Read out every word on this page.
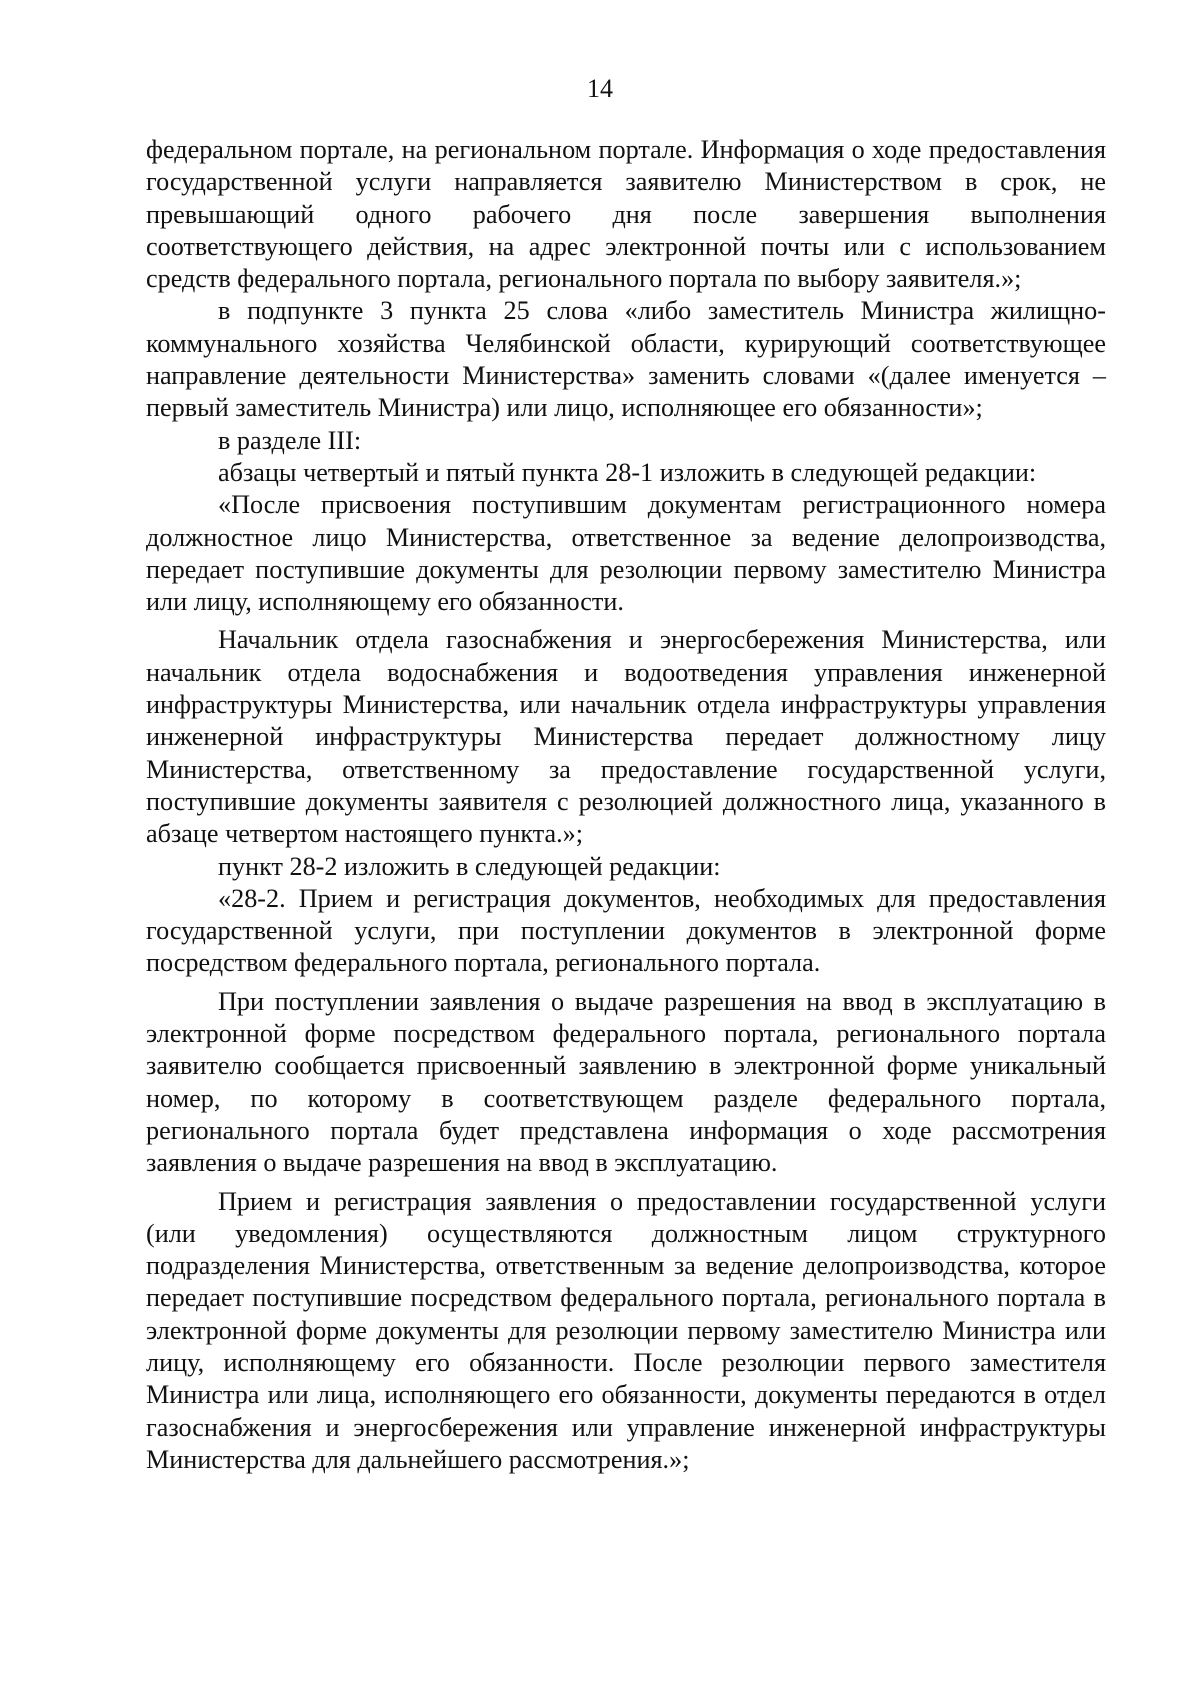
14

федеральном портале, на региональном портале. Информация о ходе предоставления государственной услуги направляется заявителю Министерством в срок, не превышающий одного рабочего дня после завершения выполнения соответствующего действия, на адрес электронной почты или с использованием средств федерального портала, регионального портала по выбору заявителя.»;

в подпункте 3 пункта 25 слова «либо заместитель Министра жилищно-коммунального хозяйства Челябинской области, курирующий соответствующее направление деятельности Министерства» заменить словами «(далее именуется – первый заместитель Министра) или лицо, исполняющее его обязанности»;

в разделе III:

абзацы четвертый и пятый пункта 28-1 изложить в следующей редакции:

«После присвоения поступившим документам регистрационного номера должностное лицо Министерства, ответственное за ведение делопроизводства, передает поступившие документы для резолюции первому заместителю Министра или лицу, исполняющему его обязанности.

Начальник отдела газоснабжения и энергосбережения Министерства, или начальник отдела водоснабжения и водоотведения управления инженерной инфраструктуры Министерства, или начальник отдела инфраструктуры управления инженерной инфраструктуры Министерства передает должностному лицу Министерства, ответственному за предоставление государственной услуги, поступившие документы заявителя с резолюцией должностного лица, указанного в абзаце четвертом настоящего пункта.»;

пункт 28-2 изложить в следующей редакции:

«28-2. Прием и регистрация документов, необходимых для предоставления государственной услуги, при поступлении документов в электронной форме посредством федерального портала, регионального портала.

При поступлении заявления о выдаче разрешения на ввод в эксплуатацию в электронной форме посредством федерального портала, регионального портала заявителю сообщается присвоенный заявлению в электронной форме уникальный номер, по которому в соответствующем разделе федерального портала, регионального портала будет представлена информация о ходе рассмотрения заявления о выдаче разрешения на ввод в эксплуатацию.

Прием и регистрация заявления о предоставлении государственной услуги (или уведомления) осуществляются должностным лицом структурного подразделения Министерства, ответственным за ведение делопроизводства, которое передает поступившие посредством федерального портала, регионального портала в электронной форме документы для резолюции первому заместителю Министра или лицу, исполняющему его обязанности. После резолюции первого заместителя Министра или лица, исполняющего его обязанности, документы передаются в отдел газоснабжения и энергосбережения или управление инженерной инфраструктуры Министерства для дальнейшего рассмотрения.»;
